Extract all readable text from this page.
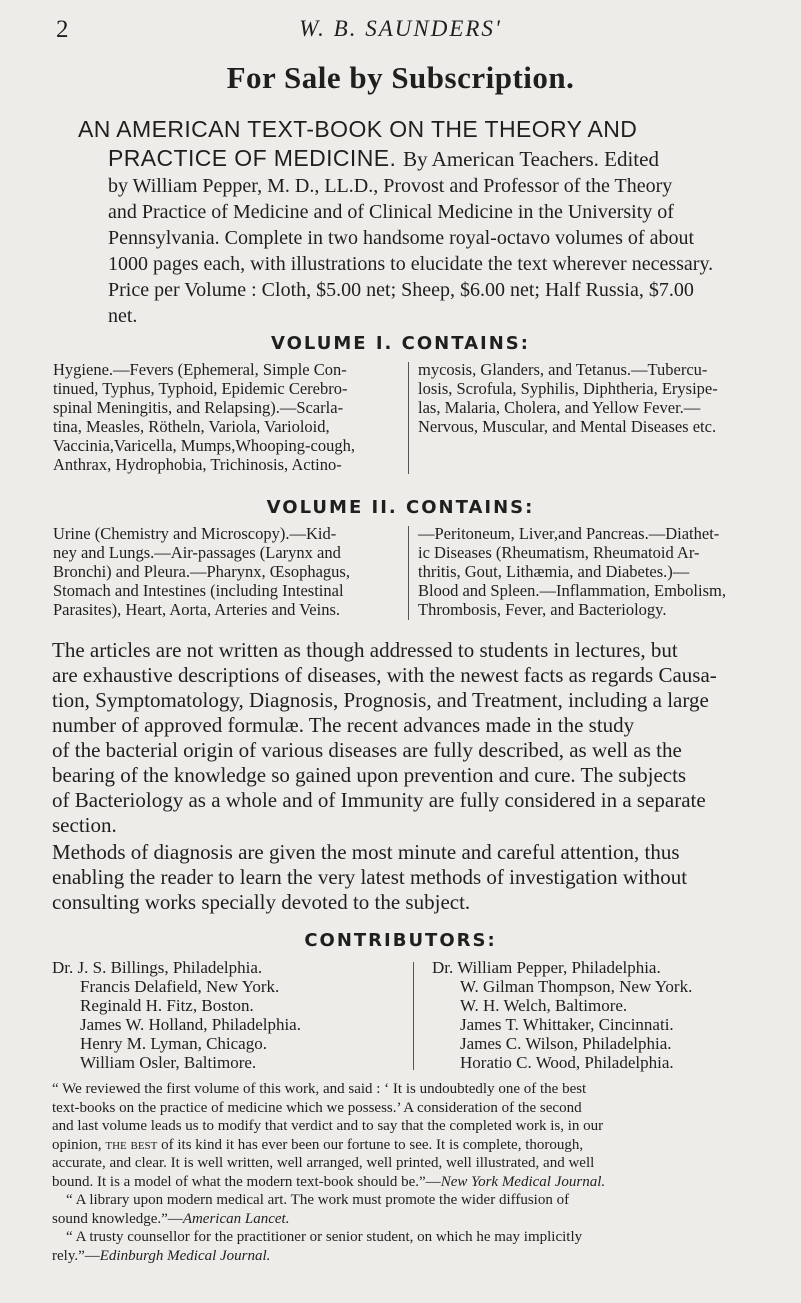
2	W. B. SAUNDERS'
For Sale by Subscription.
AN AMERICAN TEXT-BOOK ON THE THEORY AND
PRACTICE OF MEDICINE. By American Teachers. Edited
by William Pepper, M. D., LL.D., Provost and Professor of the Theory
and Practice of Medicine and of Clinical Medicine in the University of
Pennsylvania. Complete in two handsome royal-octavo volumes of about
1000 pages each, with illustrations to elucidate the text wherever necessary.
Price per Volume : Cloth, $5.00 net; Sheep, $6.00 net; Half Russia, $7.00
net.
VOLUME I. CONTAINS:
Hygiene.—Fevers (Ephemeral, Simple Con-
tinued, Typhus, Typhoid, Epidemic Cerebro-
spinal Meningitis, and Relapsing).—Scarla-
tina, Measles, Rötheln, Variola, Varioloid,
Vaccinia,Varicella, Mumps,Whooping-cough,
Anthrax, Hydrophobia, Trichinosis, Actino-
mycosis, Glanders, and Tetanus.—Tubercu-
losis, Scrofula, Syphilis, Diphtheria, Erysipe-
las, Malaria, Cholera, and Yellow Fever.—
Nervous, Muscular, and Mental Diseases etc.
VOLUME II. CONTAINS:
Urine (Chemistry and Microscopy).—Kid-
ney and Lungs.—Air-passages (Larynx and
Bronchi) and Pleura.—Pharynx, Œsophagus,
Stomach and Intestines (including Intestinal
Parasites), Heart, Aorta, Arteries and Veins.
—Peritoneum, Liver,and Pancreas.—Diathet-
ic Diseases (Rheumatism, Rheumatoid Ar-
thritis, Gout, Lithæmia, and Diabetes.)—
Blood and Spleen.—Inflammation, Embolism,
Thrombosis, Fever, and Bacteriology.
The articles are not written as though addressed to students in lectures, but
are exhaustive descriptions of diseases, with the newest facts as regards Causa-
tion, Symptomatology, Diagnosis, Prognosis, and Treatment, including a large
number of approved formulæ. The recent advances made in the study
of the bacterial origin of various diseases are fully described, as well as the
bearing of the knowledge so gained upon prevention and cure. The subjects
of Bacteriology as a whole and of Immunity are fully considered in a separate
section.
Methods of diagnosis are given the most minute and careful attention, thus
enabling the reader to learn the very latest methods of investigation without
consulting works specially devoted to the subject.
CONTRIBUTORS:
Dr. J. S. Billings, Philadelphia.
Francis Delafield, New York.
Reginald H. Fitz, Boston.
James W. Holland, Philadelphia.
Henry M. Lyman, Chicago.
William Osler, Baltimore.
Dr. William Pepper, Philadelphia.
W. Gilman Thompson, New York.
W. H. Welch, Baltimore.
James T. Whittaker, Cincinnati.
James C. Wilson, Philadelphia.
Horatio C. Wood, Philadelphia.
“ We reviewed the first volume of this work, and said : ‘ It is undoubtedly one of the best
text-books on the practice of medicine which we possess.’ A consideration of the second
and last volume leads us to modify that verdict and to say that the completed work is, in our
opinion, the best of its kind it has ever been our fortune to see. It is complete, thorough,
accurate, and clear. It is well written, well arranged, well printed, well illustrated, and well
bound. It is a model of what the modern text-book should be.”—New York Medical Journal.
“ A library upon modern medical art. The work must promote the wider diffusion of
sound knowledge.”—American Lancet.
“ A trusty counsellor for the practitioner or senior student, on which he may implicitly
rely.”—Edinburgh Medical Journal.
